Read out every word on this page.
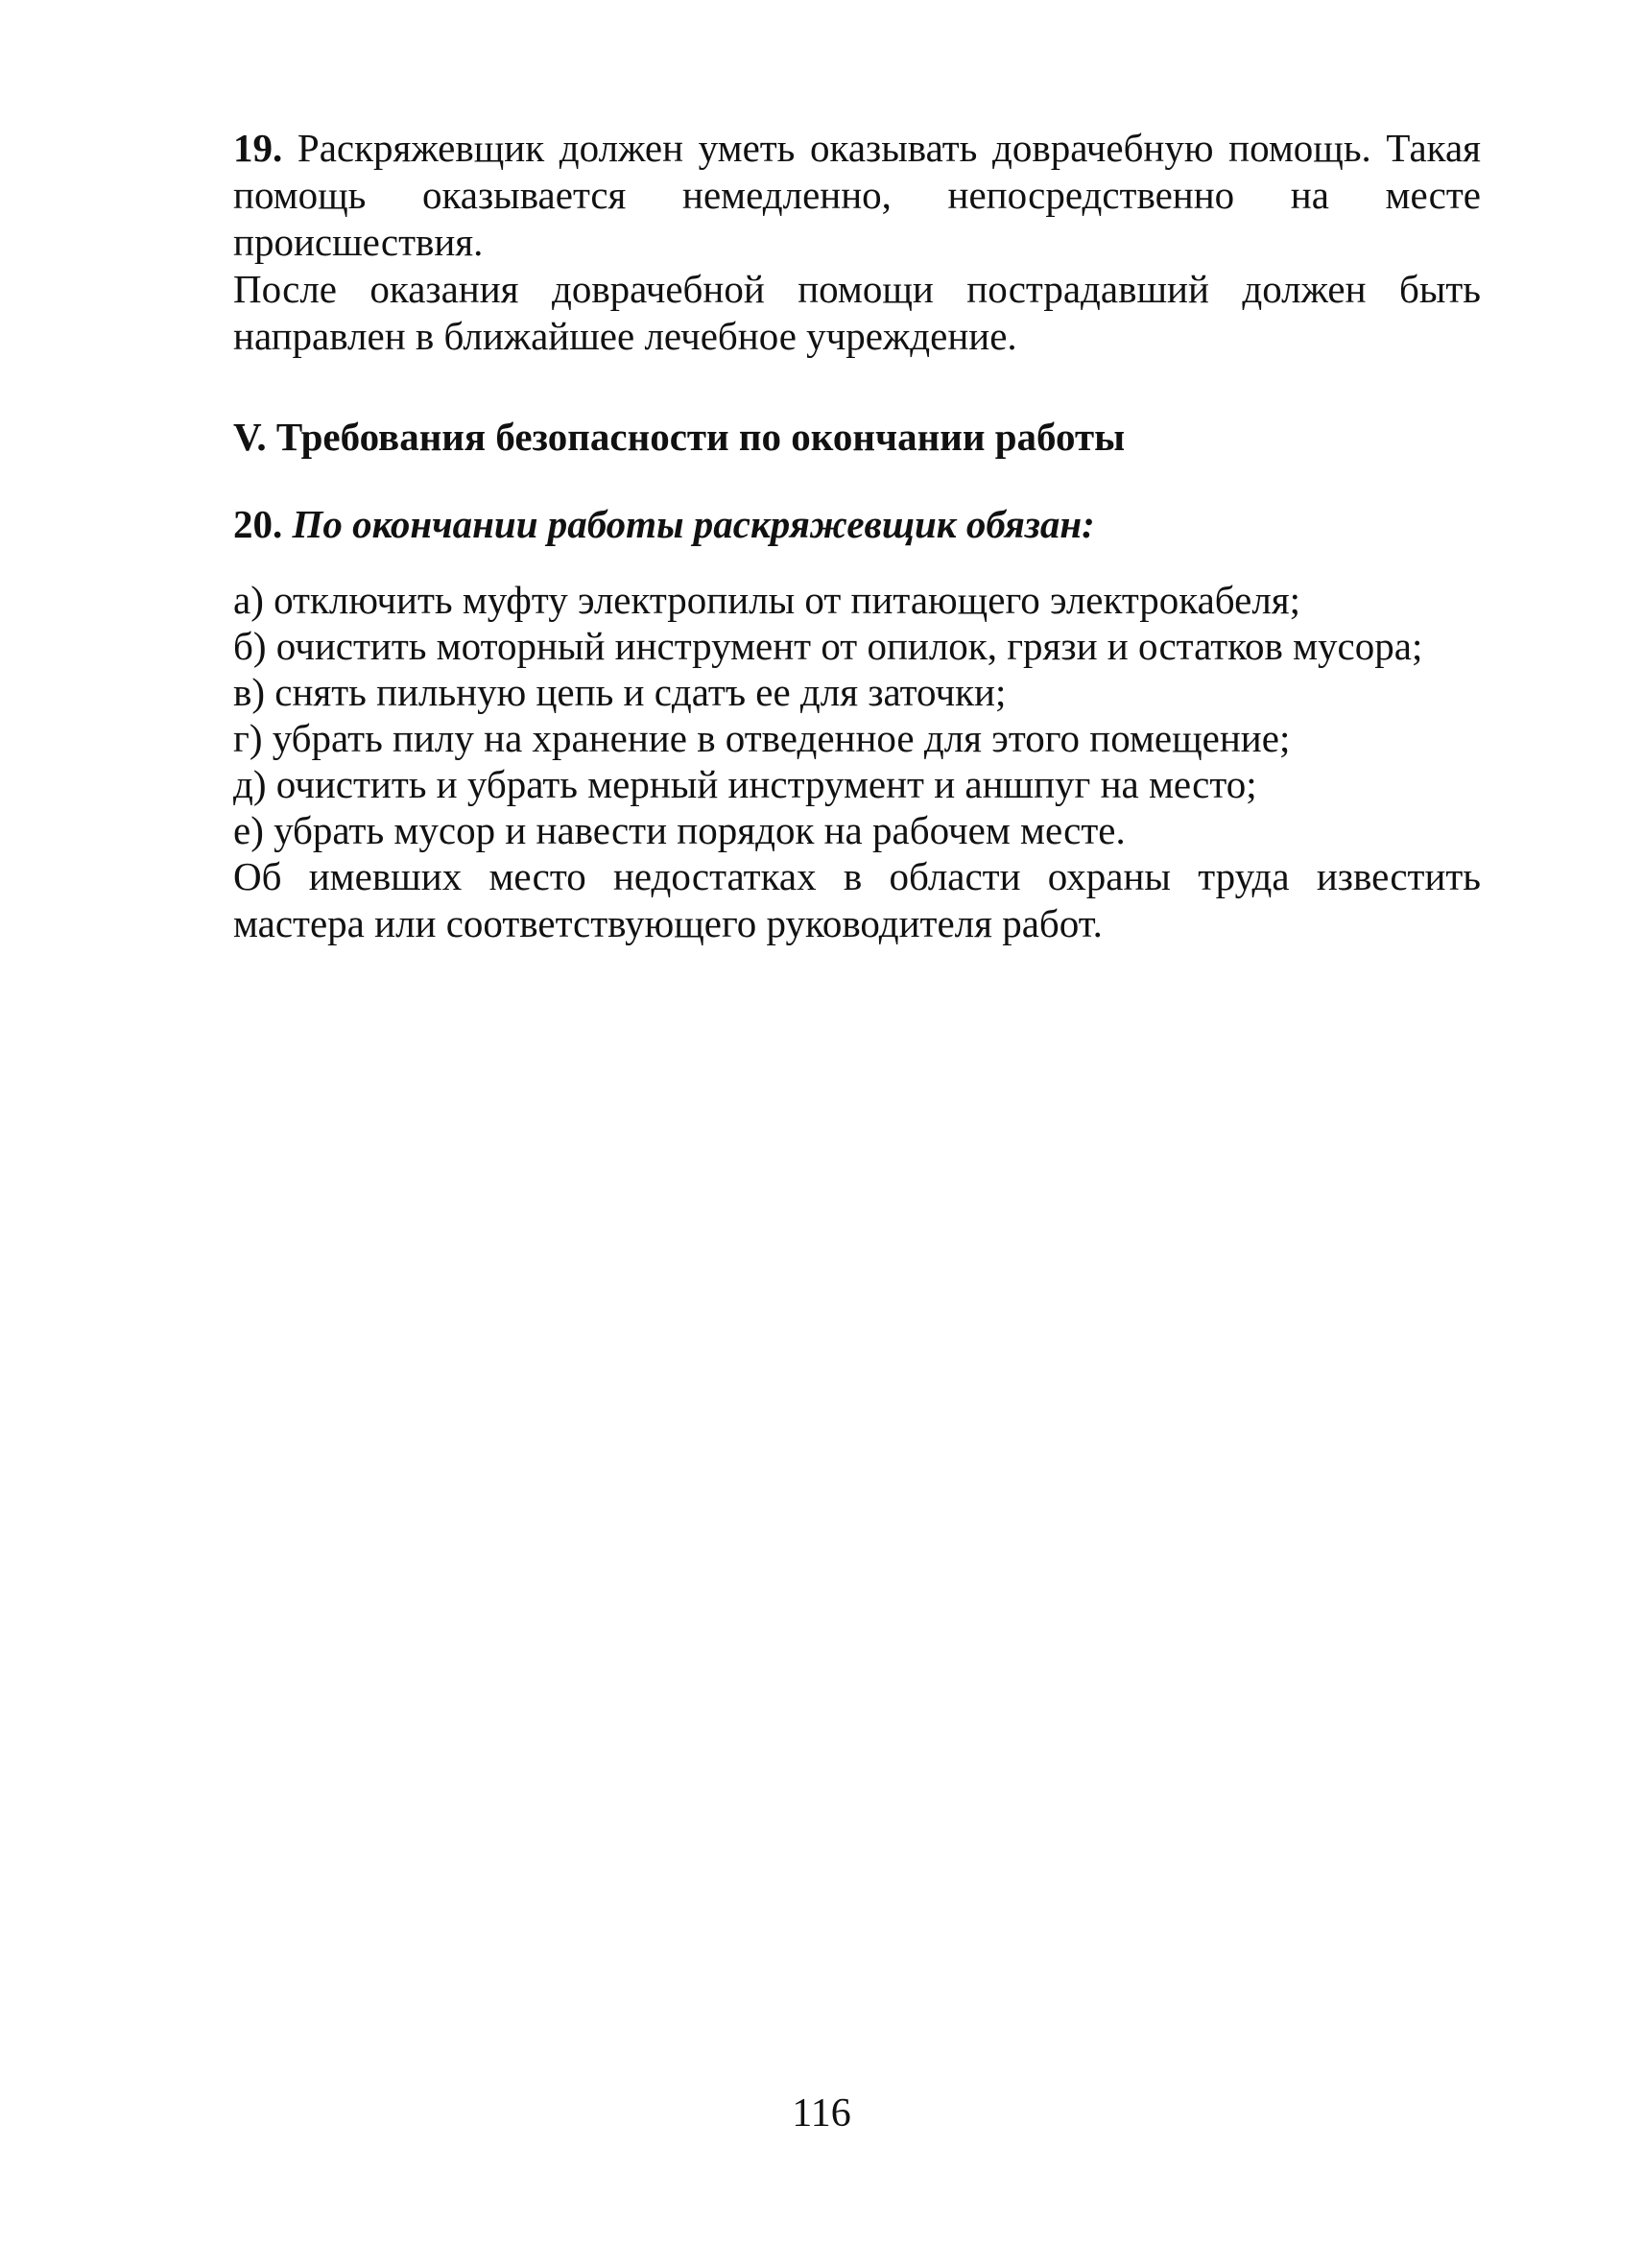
19. Раскряжевщик должен уметь оказывать доврачебную помощь. Такая помощь оказывается немедленно, непосредственно на месте происшествия.

После оказания доврачебной помощи пострадавший должен быть направлен в ближайшее лечебное учреждение.

V. Требования безопасности по окончании работы

20. По окончании работы раскряжевщик обязан:

а) отключить муфту электропилы от питающего электрокабеля;
б) очистить моторный инструмент от опилок, грязи и остатков мусора;
в) снять пильную цепь и сдатъ ее для заточки;
г) убрать пилу на хранение в отведенное для этого помещение;
д) очистить и убрать мерный инструмент и аншпуг на место;
е) убрать мусор и навести порядок на рабочем месте.

Об имевших место недостатках в области охраны труда известить мастера или соответствующего руководителя работ.

116
